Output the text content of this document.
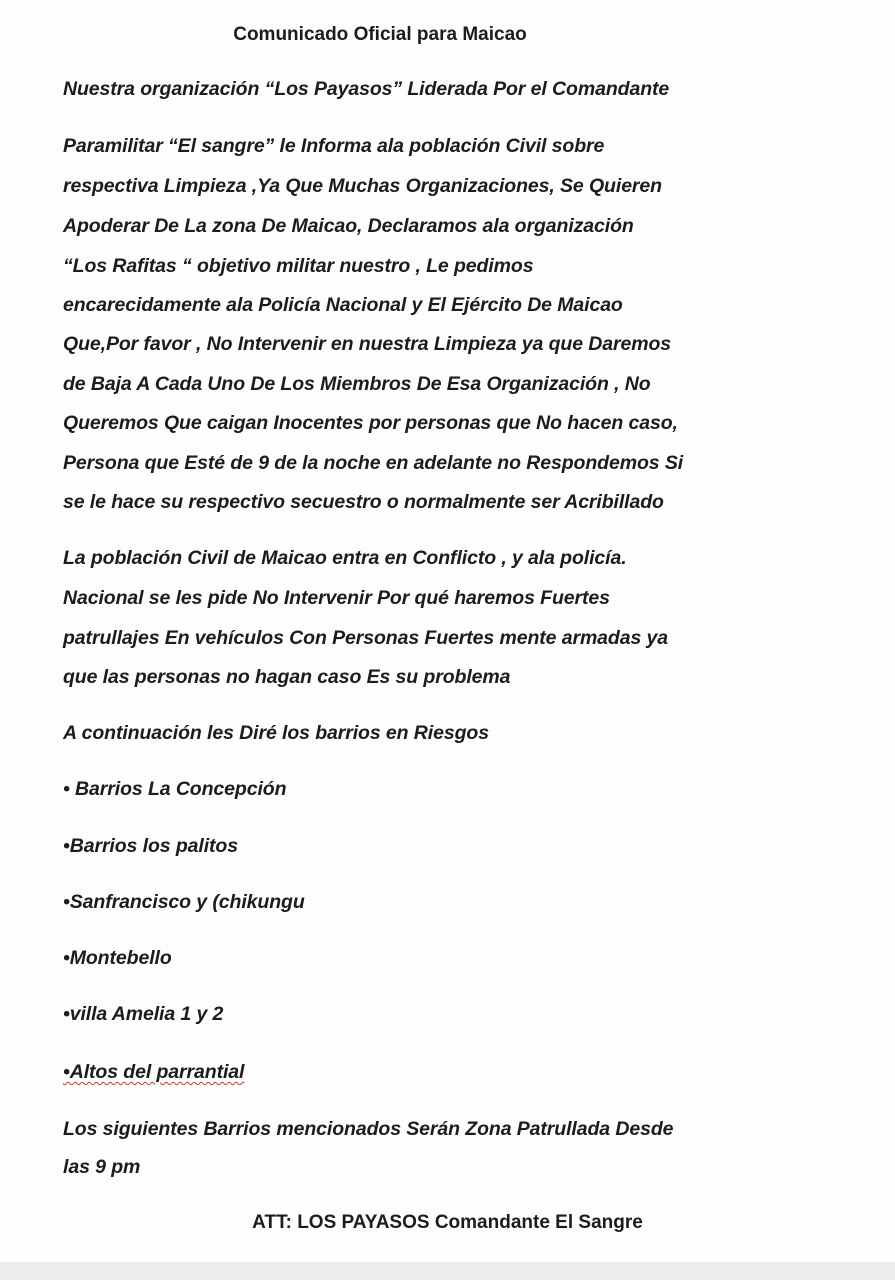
Comunicado Oficial para Maicao
Nuestra organización “Los Payasos” Liderada Por el Comandante
Paramilitar “El sangre” le Informa ala población Civil sobre
respectiva Limpieza ,Ya Que Muchas Organizaciones, Se Quieren
Apoderar De La zona De Maicao, Declaramos ala organización
“Los Rafitas “ objetivo militar nuestro , Le pedimos
encarecidamente ala Policía Nacional y El Ejército De Maicao
Que,Por favor , No Intervenir en nuestra Limpieza ya que Daremos
de Baja A Cada Uno De Los Miembros De Esa Organización , No
Queremos Que caigan Inocentes por personas que No hacen caso,
Persona que Esté de 9 de la noche en adelante no Respondemos Si
se le hace su respectivo secuestro o normalmente ser Acribillado
La población Civil de Maicao entra en Conflicto , y ala policía.
Nacional se les pide No Intervenir Por qué haremos Fuertes
patrullajes En vehículos Con Personas Fuertes mente armadas ya
que las personas no hagan caso Es su problema
A continuación les Diré los barrios en Riesgos
• Barrios La Concepción
•Barrios los palitos
•Sanfrancisco y (chikungu
•Montebello
•villa Amelia 1 y 2
•Altos del parrantial
Los siguientes Barrios mencionados Serán Zona Patrullada Desde
las 9 pm
ATT: LOS PAYASOS Comandante El Sangre
